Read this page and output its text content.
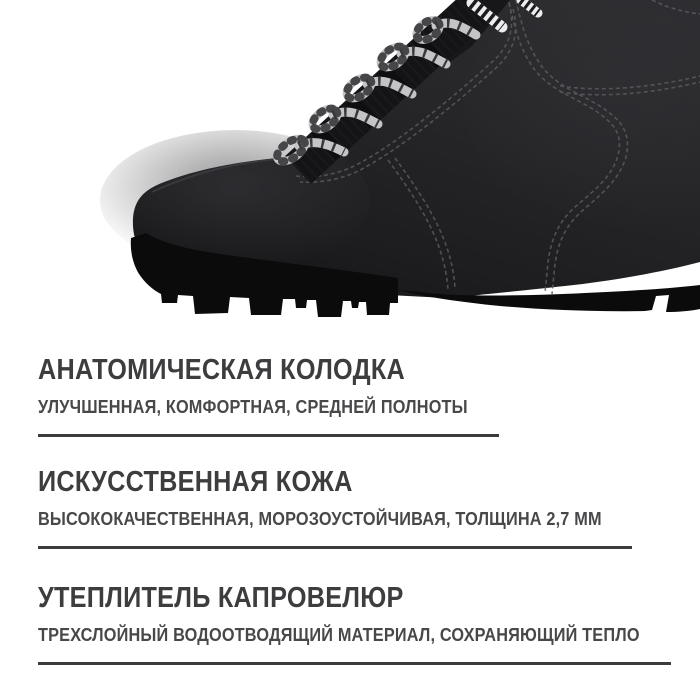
АНАТОМИЧЕСКАЯ КОЛОДКА

УЛУЧШЕННАЯ, КОМФОРТНАЯ, СРЕДНЕЙ ПОЛНОТЫ

ИСКУССТВЕННАЯ КОЖА

ВЫСОКОКАЧЕСТВЕННАЯ, МОРОЗОУСТОЙЧИВАЯ, ТОЛЩИНА 2,7 ММ

УТЕПЛИТЕЛЬ КАПРОВЕЛЮР

ТРЕХСЛОЙНЫЙ ВОДООТВОДЯЩИЙ МАТЕРИАЛ, СОХРАНЯЮЩИЙ ТЕПЛО
